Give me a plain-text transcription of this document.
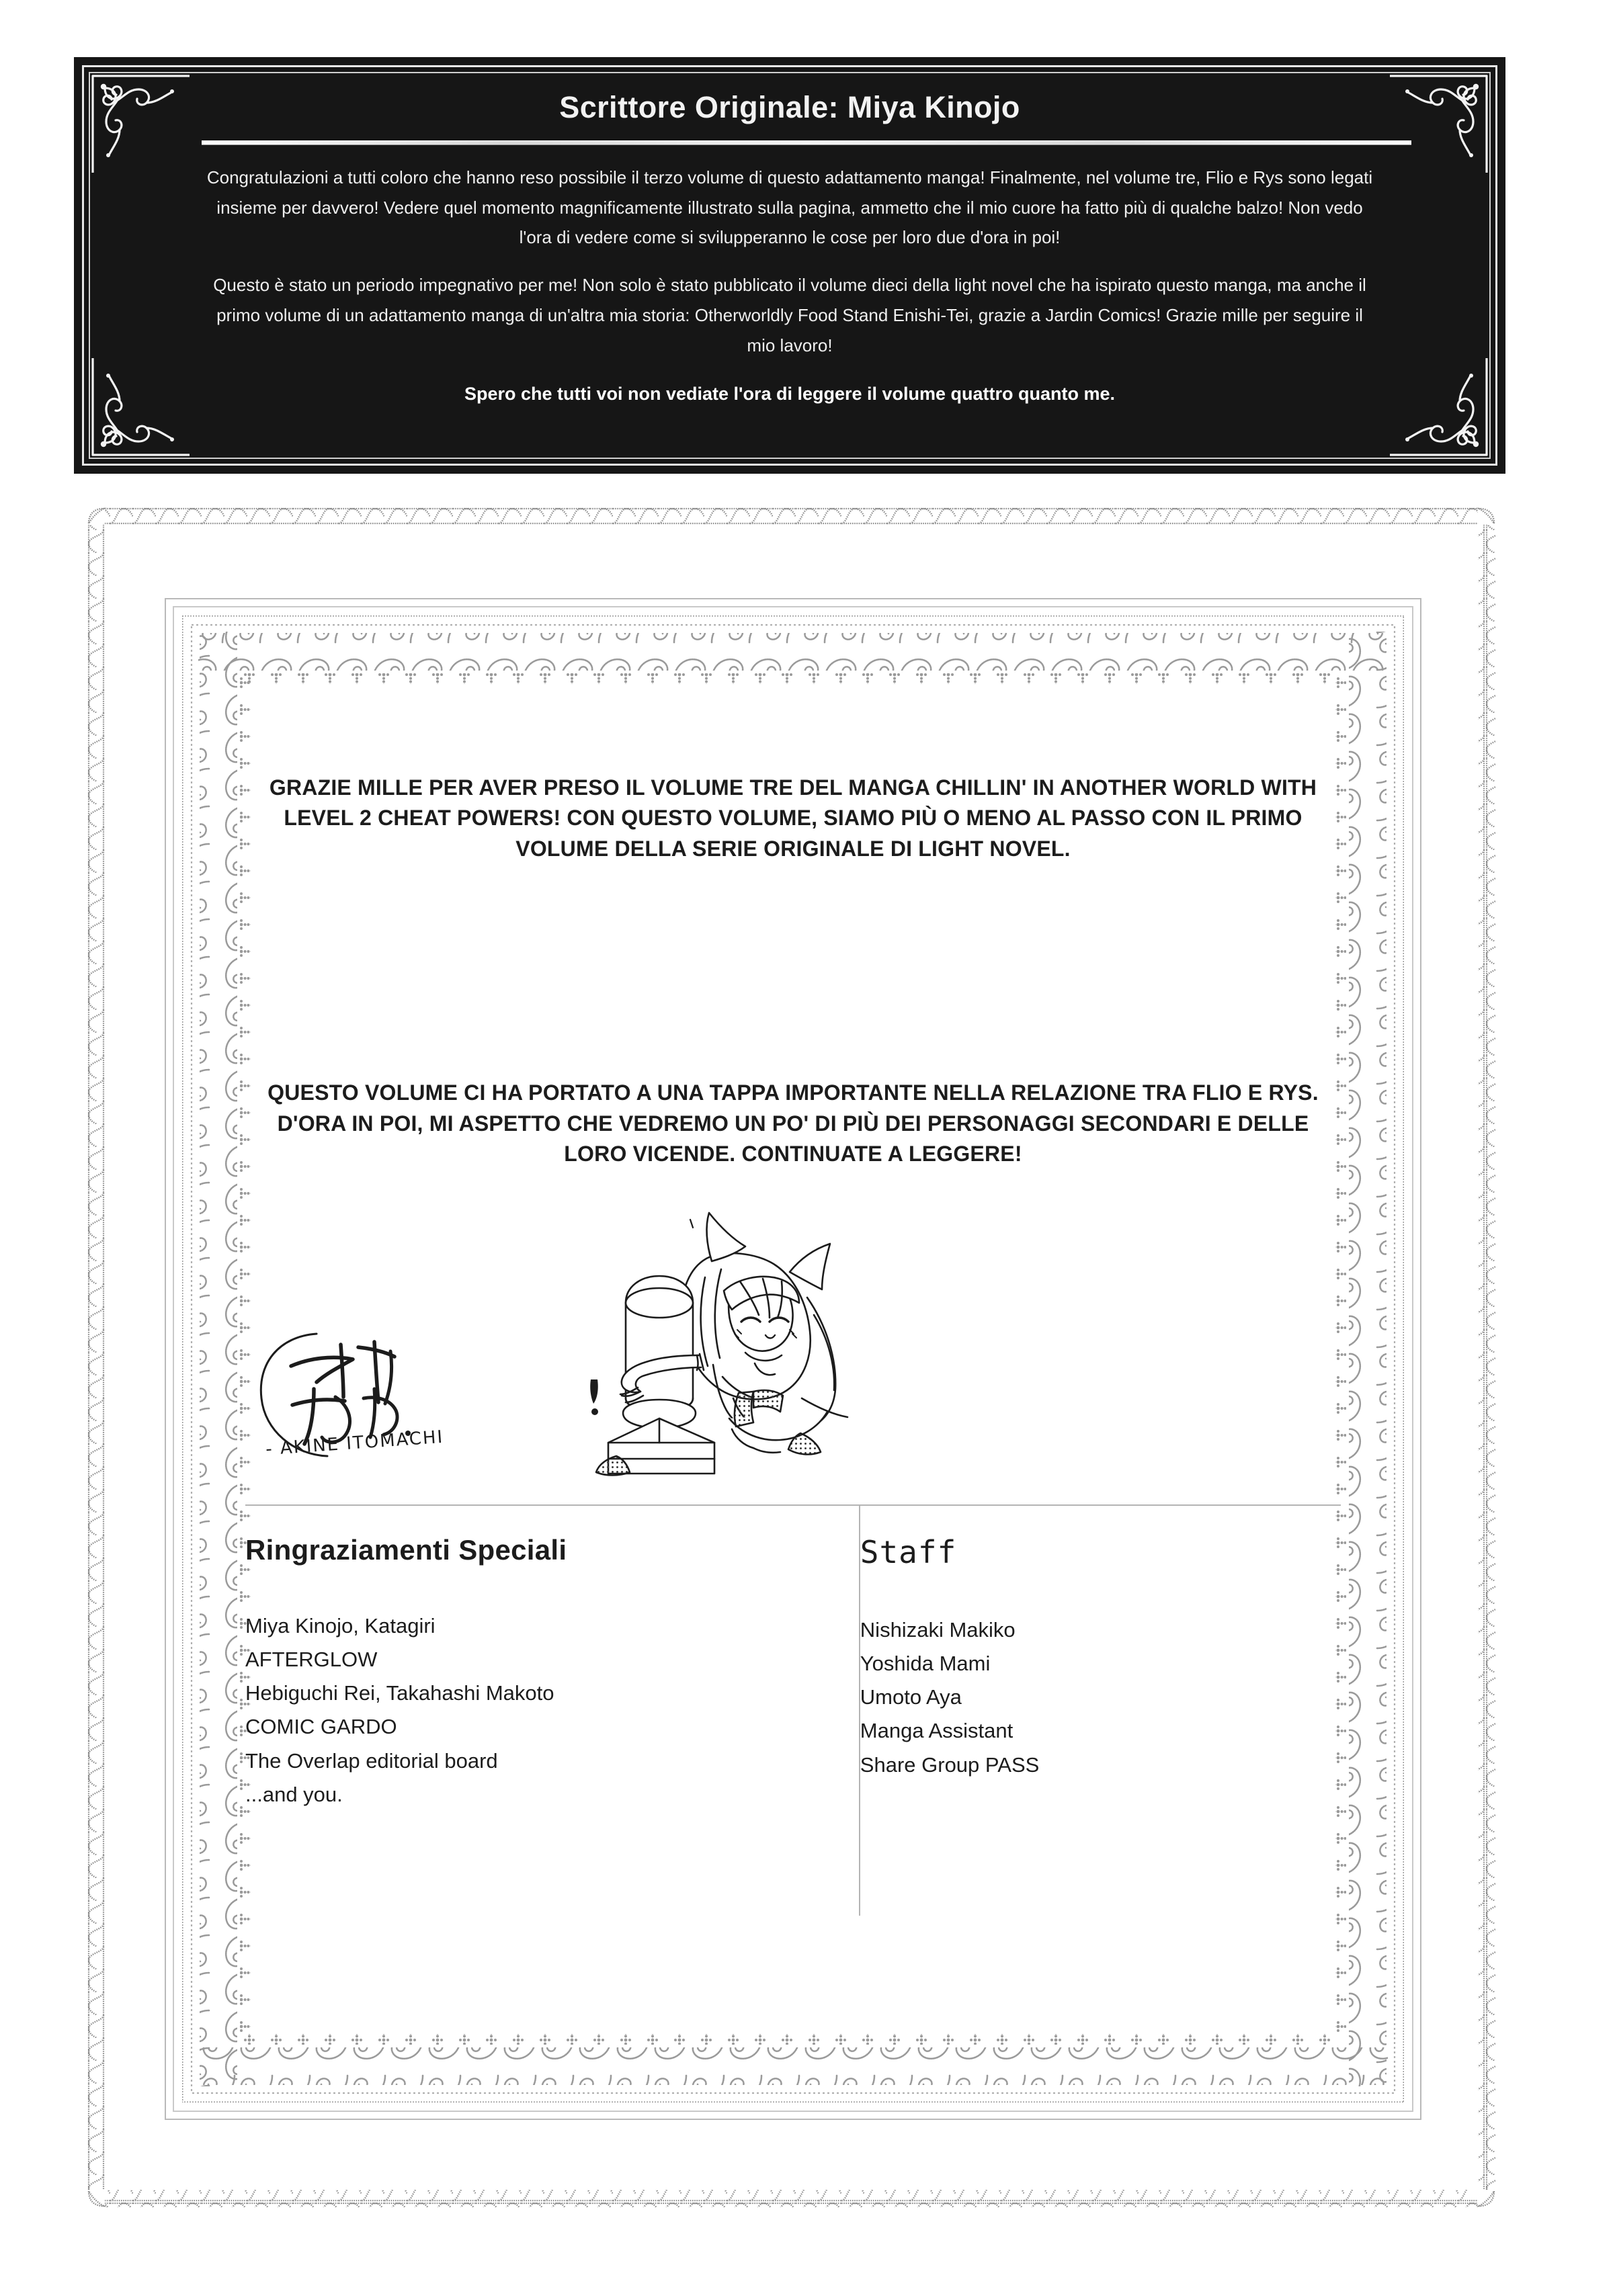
Scrittore Originale: Miya Kinojo

Congratulazioni a tutti coloro che hanno reso possibile il terzo volume di questo adattamento manga! Finalmente, nel volume tre, Flio e Rys sono legati insieme per davvero! Vedere quel momento magnificamente illustrato sulla pagina, ammetto che il mio cuore ha fatto più di qualche balzo! Non vedo l'ora di vedere come si svilupperanno le cose per loro due d'ora in poi!

Questo è stato un periodo impegnativo per me! Non solo è stato pubblicato il volume dieci della light novel che ha ispirato questo manga, ma anche il primo volume di un adattamento manga di un'altra mia storia: Otherworldly Food Stand Enishi-Tei, grazie a Jardin Comics! Grazie mille per seguire il mio lavoro!

Spero che tutti voi non vediate l'ora di leggere il volume quattro quanto me.

GRAZIE MILLE PER AVER PRESO IL VOLUME TRE DEL MANGA CHILLIN' IN ANOTHER WORLD WITH LEVEL 2 CHEAT POWERS! CON QUESTO VOLUME, SIAMO PIÙ O MENO AL PASSO CON IL PRIMO VOLUME DELLA SERIE ORIGINALE DI LIGHT NOVEL.
QUESTO VOLUME CI HA PORTATO A UNA TAPPA IMPORTANTE NELLA RELAZIONE TRA FLIO E RYS. D'ORA IN POI, MI ASPETTO CHE VEDREMO UN PO' DI PIÙ DEI PERSONAGGI SECONDARI E DELLE LORO VICENDE. CONTINUATE A LEGGERE!
- AKINE ITOMACHI
Ringraziamenti Speciali
Miya Kinojo, Katagiri
AFTERGLOW
Hebiguchi Rei, Takahashi Makoto
COMIC GARDO
The Overlap editorial board
...and you.
Staff
Nishizaki Makiko
Yoshida Mami
Umoto Aya
Manga Assistant
Share Group PASS
